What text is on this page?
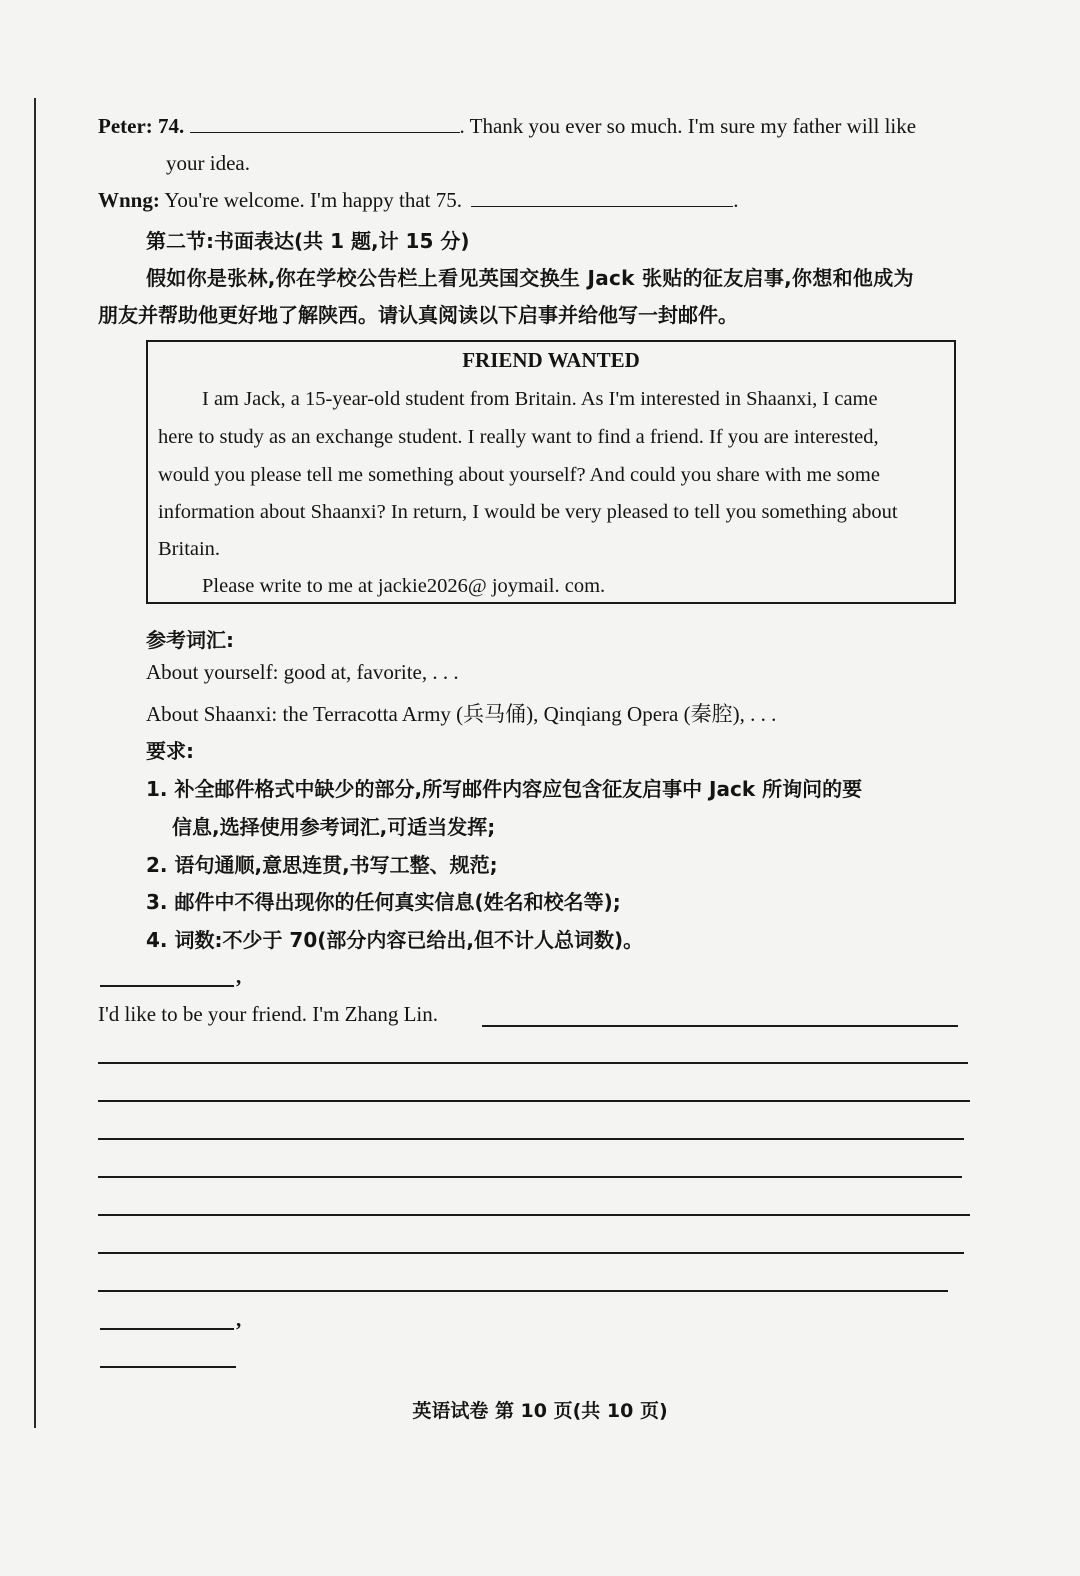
Peter: 74.	. Thank you ever so much. I'm sure my father will like
your idea.
Wnng: You're welcome. I'm happy that 75.	.
第二节:书面表达(共 1 题,计 15 分)
假如你是张林,你在学校公告栏上看见英国交换生 Jack 张贴的征友启事,你想和他成为
朋友并帮助他更好地了解陕西。请认真阅读以下启事并给他写一封邮件。
FRIEND WANTED
I am Jack, a 15-year-old student from Britain. As I'm interested in Shaanxi, I came
here to study as an exchange student. I really want to find a friend. If you are interested,
would you please tell me something about yourself? And could you share with me some
information about Shaanxi? In return, I would be very pleased to tell you something about
Britain.
Please write to me at jackie2026@ joymail. com.
参考词汇:
About yourself: good at, favorite, . . .
About Shaanxi: the Terracotta Army (兵马俑), Qinqiang Opera (秦腔), . . .
要求:
1. 补全邮件格式中缺少的部分,所写邮件内容应包含征友启事中 Jack 所询问的要
信息,选择使用参考词汇,可适当发挥;
2. 语句通顺,意思连贯,书写工整、规范;
3. 邮件中不得出现你的任何真实信息(姓名和校名等);
4. 词数:不少于 70(部分内容已给出,但不计人总词数)。
,
I'd like to be your friend. I'm Zhang Lin.
,
英语试卷 第 10 页(共 10 页)
